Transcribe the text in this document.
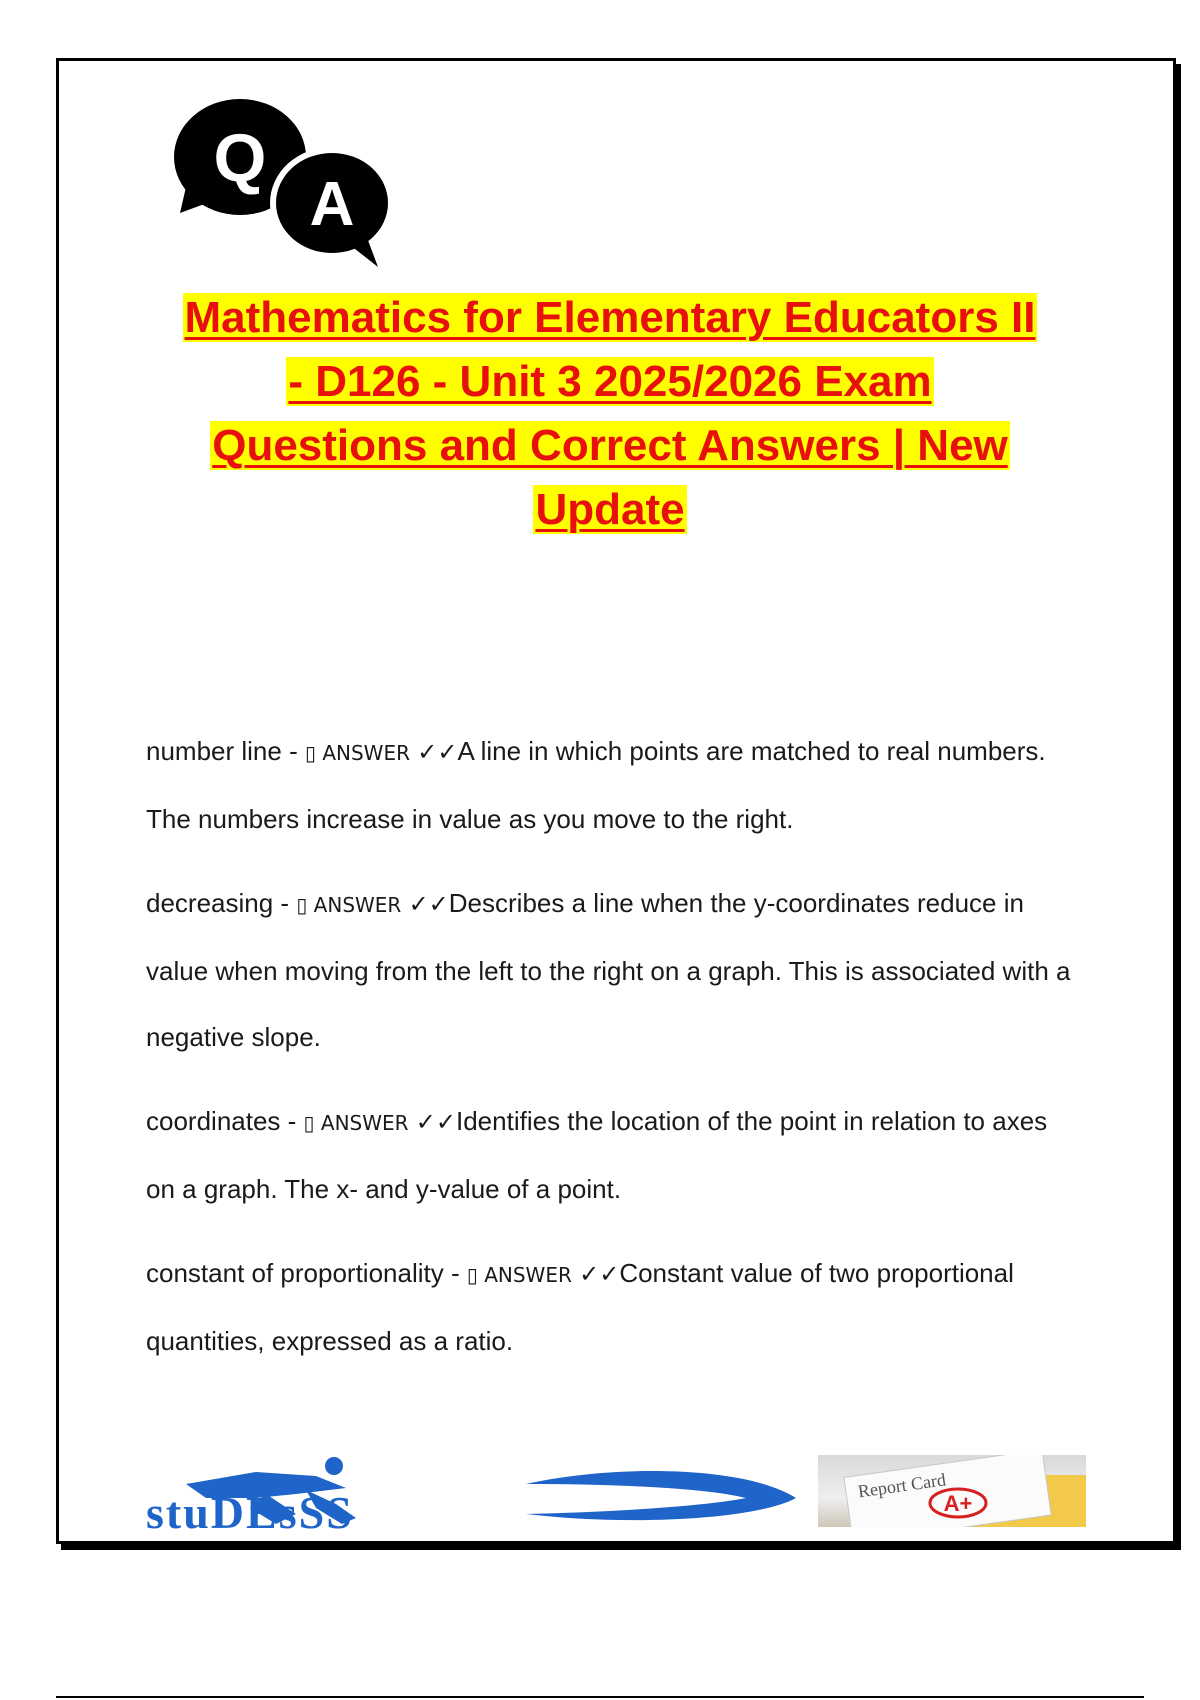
Q
A
Mathematics for Elementary Educators II
- D126 - Unit 3 2025/2026 Exam
Questions and Correct Answers | New
Update

number line - ▯ ANSWER ✓✓A line in which points are matched to real numbers. The numbers increase in value as you move to the right.

decreasing - ▯ ANSWER ✓✓Describes a line when the y-coordinates reduce in value when moving from the left to the right on a graph. This is associated with a negative slope.

coordinates - ▯ ANSWER ✓✓Identifies the location of the point in relation to axes on a graph. The x- and y-value of a point.

constant of proportionality - ▯ ANSWER ✓✓Constant value of two proportional quantities, expressed as a ratio.

stuDEsSS
Report Card
A+
